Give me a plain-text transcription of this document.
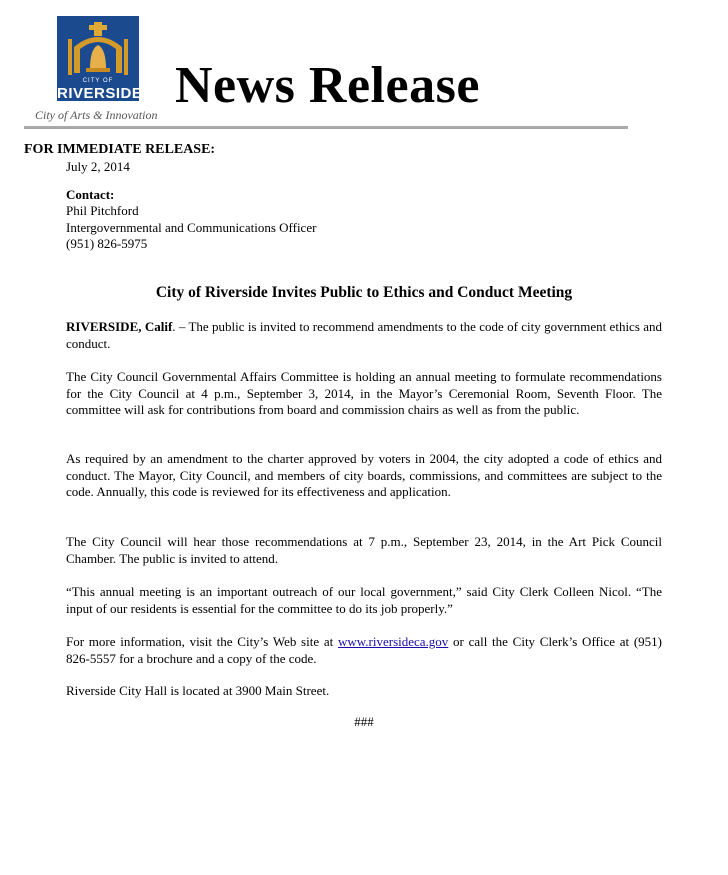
CITY OF
RIVERSIDE
City of Arts & Innovation
News Release
FOR IMMEDIATE RELEASE:
July 2, 2014
Contact:
Phil Pitchford
Intergovernmental and Communications Officer
(951) 826-5975
City of Riverside Invites Public to Ethics and Conduct Meeting

RIVERSIDE, Calif. – The public is invited to recommend amendments to the code of city government ethics and conduct.

The City Council Governmental Affairs Committee is holding an annual meeting to formulate recommendations for the City Council at 4 p.m., September 3, 2014, in the Mayor’s Ceremonial Room, Seventh Floor. The committee will ask for contributions from board and commission chairs as well as from the public.

As required by an amendment to the charter approved by voters in 2004, the city adopted a code of ethics and conduct. The Mayor, City Council, and members of city boards, commissions, and committees are subject to the code. Annually, this code is reviewed for its effectiveness and application.

The City Council will hear those recommendations at 7 p.m., September 23, 2014, in the Art Pick Council Chamber. The public is invited to attend.

“This annual meeting is an important outreach of our local government,” said City Clerk Colleen Nicol. “The input of our residents is essential for the committee to do its job properly.”

For more information, visit the City’s Web site at www.riversideca.gov or call the City Clerk’s Office at (951) 826-5557 for a brochure and a copy of the code.

Riverside City Hall is located at 3900 Main Street.

###
